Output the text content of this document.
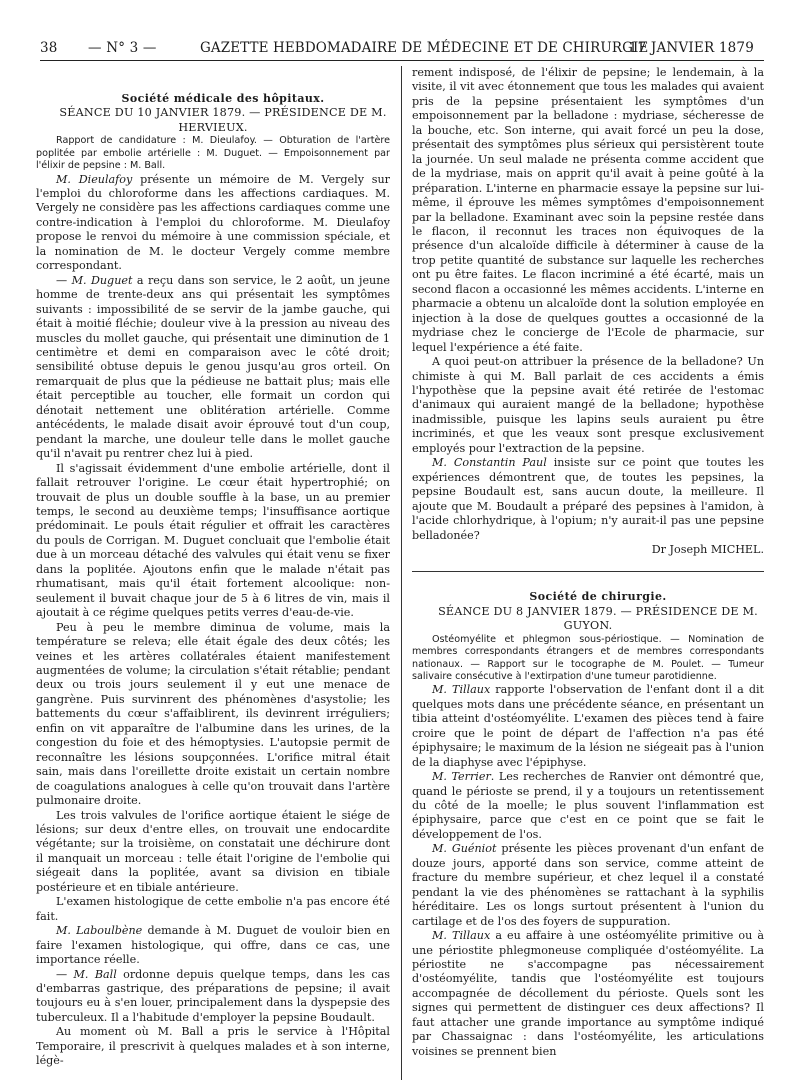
38 — N° 3 —	GAZETTE HEBDOMADAIRE DE MÉDECINE ET DE CHIRURGIE
17 JANVIER 1879

Société médicale des hôpitaux.

SÉANCE DU 10 JANVIER 1879. — PRÉSIDENCE DE M. HERVIEUX.

Rapport de candidature : M. Dieulafoy. — Obturation de l'artère poplitée par embolie artérielle : M. Duguet. — Empoisonnement par l'élixir de pepsine : M. Ball.

M. Dieulafoy présente un mémoire de M. Vergely sur l'emploi du chloroforme dans les affections cardiaques. M. Vergely ne considère pas les affections cardiaques comme une contre-indication à l'emploi du chloroforme. M. Dieulafoy propose le renvoi du mémoire à une commission spéciale, et la nomination de M. le docteur Vergely comme membre correspondant.

— M. Duguet a reçu dans son service, le 2 août, un jeune homme de trente-deux ans qui présentait les symptômes suivants : impossibilité de se servir de la jambe gauche, qui était à moitié fléchie; douleur vive à la pression au niveau des muscles du mollet gauche, qui présentait une diminution de 1 centimètre et demi en comparaison avec le côté droit; sensibilité obtuse depuis le genou jusqu'au gros orteil. On remarquait de plus que la pédieuse ne battait plus; mais elle était perceptible au toucher, elle formait un cordon qui dénotait nettement une oblitération artérielle. Comme antécédents, le malade disait avoir éprouvé tout d'un coup, pendant la marche, une douleur telle dans le mollet gauche qu'il n'avait pu rentrer chez lui à pied.

Il s'agissait évidemment d'une embolie artérielle, dont il fallait retrouver l'origine. Le cœur était hypertrophié; on trouvait de plus un double souffle à la base, un au premier temps, le second au deuxième temps; l'insuffisance aortique prédominait. Le pouls était régulier et offrait les caractères du pouls de Corrigan. M. Duguet concluait que l'embolie était due à un morceau détaché des valvules qui était venu se fixer dans la poplitée. Ajoutons enfin que le malade n'était pas rhumatisant, mais qu'il était fortement alcoolique: non-seulement il buvait chaque jour de 5 à 6 litres de vin, mais il ajoutait à ce régime quelques petits verres d'eau-de-vie.

Peu à peu le membre diminua de volume, mais la température se releva; elle était égale des deux côtés; les veines et les artères collatérales étaient manifestement augmentées de volume; la circulation s'était rétablie; pendant deux ou trois jours seulement il y eut une menace de gangrène. Puis survinrent des phénomènes d'asystolie; les battements du cœur s'affaiblirent, ils devinrent irréguliers; enfin on vit apparaître de l'albumine dans les urines, de la congestion du foie et des hémoptysies. L'autopsie permit de reconnaître les lésions soupçonnées. L'orifice mitral était sain, mais dans l'oreillette droite existait un certain nombre de coagulations analogues à celle qu'on trouvait dans l'artère pulmonaire droite.

Les trois valvules de l'orifice aortique étaient le siége de lésions; sur deux d'entre elles, on trouvait une endocardite végétante; sur la troisième, on constatait une déchirure dont il manquait un morceau : telle était l'origine de l'embolie qui siégeait dans la poplitée, avant sa division en tibiale postérieure et en tibiale antérieure.

L'examen histologique de cette embolie n'a pas encore été fait.

M. Laboulbène demande à M. Duguet de vouloir bien en faire l'examen histologique, qui offre, dans ce cas, une importance réelle.

— M. Ball ordonne depuis quelque temps, dans les cas d'embarras gastrique, des préparations de pepsine; il avait toujours eu à s'en louer, principalement dans la dyspepsie des tuberculeux. Il a l'habitude d'employer la pepsine Boudault.

Au moment où M. Ball a pris le service à l'Hôpital Temporaire, il prescrivit à quelques malades et à son interne, légè-

rement indisposé, de l'élixir de pepsine; le lendemain, à la visite, il vit avec étonnement que tous les malades qui avaient pris de la pepsine présentaient les symptômes d'un empoisonnement par la belladone : mydriase, sécheresse de la bouche, etc. Son interne, qui avait forcé un peu la dose, présentait des symptômes plus sérieux qui persistèrent toute la journée. Un seul malade ne présenta comme accident que de la mydriase, mais on apprit qu'il avait à peine goûté à la préparation. L'interne en pharmacie essaye la pepsine sur lui-même, il éprouve les mêmes symptômes d'empoisonnement par la belladone. Examinant avec soin la pepsine restée dans le flacon, il reconnut les traces non équivoques de la présence d'un alcaloïde difficile à déterminer à cause de la trop petite quantité de substance sur laquelle les recherches ont pu être faites. Le flacon incriminé a été écarté, mais un second flacon a occasionné les mêmes accidents. L'interne en pharmacie a obtenu un alcaloïde dont la solution employée en injection à la dose de quelques gouttes a occasionné de la mydriase chez le concierge de l'Ecole de pharmacie, sur lequel l'expérience a été faite.

A quoi peut-on attribuer la présence de la belladone? Un chimiste à qui M. Ball parlait de ces accidents a émis l'hypothèse que la pepsine avait été retirée de l'estomac d'animaux qui auraient mangé de la belladone; hypothèse inadmissible, puisque les lapins seuls auraient pu être incriminés, et que les veaux sont presque exclusivement employés pour l'extraction de la pepsine.

M. Constantin Paul insiste sur ce point que toutes les expériences démontrent que, de toutes les pepsines, la pepsine Boudault est, sans aucun doute, la meilleure. Il ajoute que M. Boudault a préparé des pepsines à l'amidon, à l'acide chlorhydrique, à l'opium; n'y aurait-il pas une pepsine belladonée?

Dr Joseph MICHEL.

Société de chirurgie.

SÉANCE DU 8 JANVIER 1879. — PRÉSIDENCE DE M. GUYON.

Ostéomyélite et phlegmon sous-périostique. — Nomination de membres correspondants étrangers et de membres correspondants nationaux. — Rapport sur le tocographe de M. Poulet. — Tumeur salivaire consécutive à l'extirpation d'une tumeur parotidienne.

M. Tillaux rapporte l'observation de l'enfant dont il a dit quelques mots dans une précédente séance, en présentant un tibia atteint d'ostéomyélite. L'examen des pièces tend à faire croire que le point de départ de l'affection n'a pas été épiphysaire; le maximum de la lésion ne siégeait pas à l'union de la diaphyse avec l'épiphyse.

M. Terrier. Les recherches de Ranvier ont démontré que, quand le périoste se prend, il y a toujours un retentissement du côté de la moelle; le plus souvent l'inflammation est épiphysaire, parce que c'est en ce point que se fait le développement de l'os.

M. Guéniot présente les pièces provenant d'un enfant de douze jours, apporté dans son service, comme atteint de fracture du membre supérieur, et chez lequel il a constaté pendant la vie des phénomènes se rattachant à la syphilis héréditaire. Les os longs surtout présentent à l'union du cartilage et de l'os des foyers de suppuration.

M. Tillaux a eu affaire à une ostéomyélite primitive ou à une périostite phlegmoneuse compliquée d'ostéomyélite. La périostite ne s'accompagne pas nécessairement d'ostéomyélite, tandis que l'ostéomyélite est toujours accompagnée de décollement du périoste. Quels sont les signes qui permettent de distinguer ces deux affections? Il faut attacher une grande importance au symptôme indiqué par Chassaignac : dans l'ostéomyélite, les articulations voisines se prennent bien
